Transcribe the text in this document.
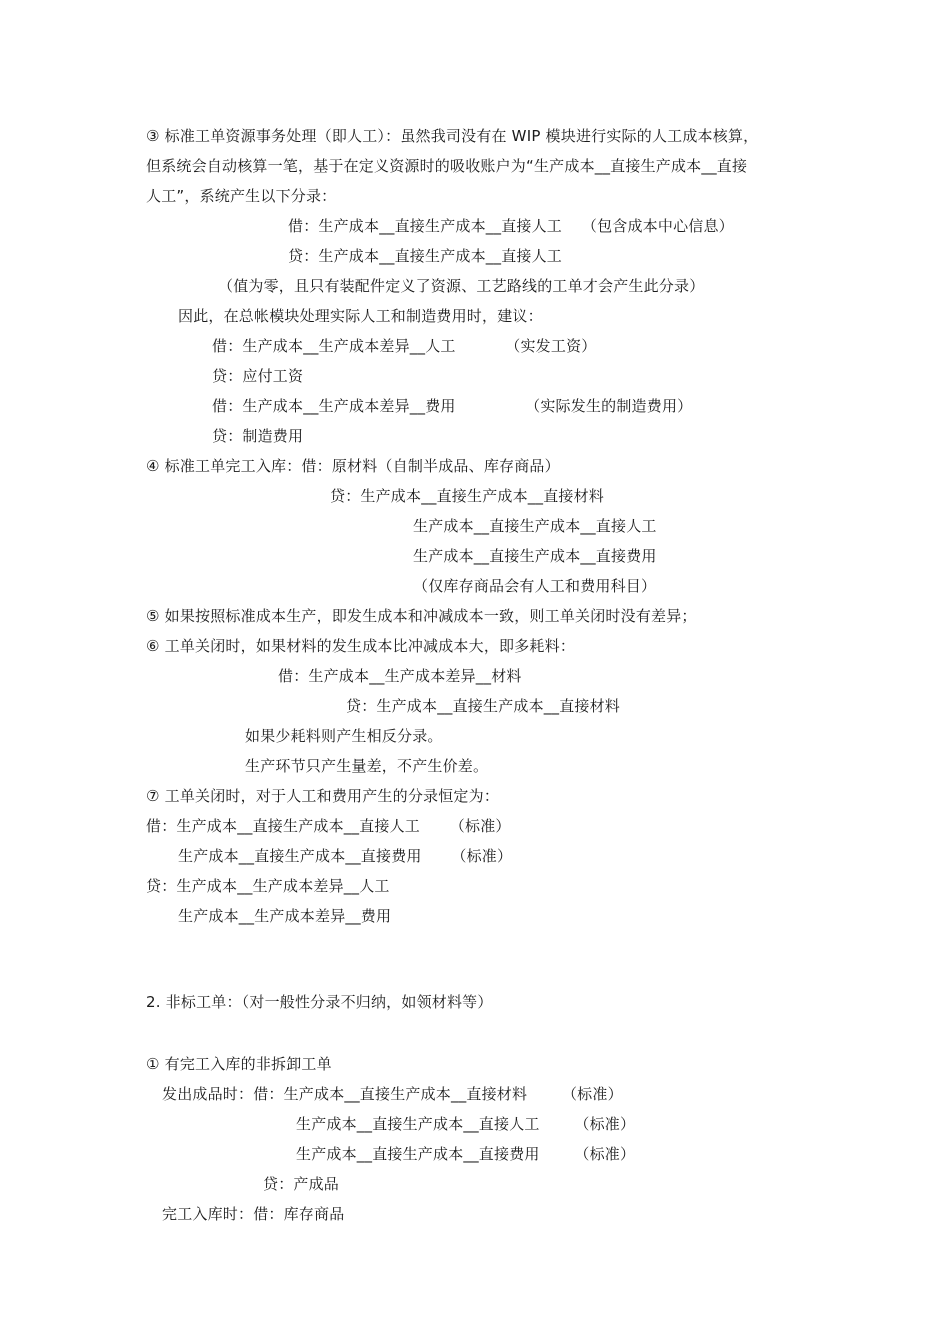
③ 标准工单资源事务处理（即人工）：虽然我司没有在 WIP 模块进行实际的人工成本核算，
但系统会自动核算一笔，基于在定义资源时的吸收账户为“生产成本__直接生产成本__直接
人工”，系统产生以下分录：
借：生产成本__直接生产成本__直接人工    （包含成本中心信息）
贷：生产成本__直接生产成本__直接人工
（值为零，且只有装配件定义了资源、工艺路线的工单才会产生此分录）
因此，在总帐模块处理实际人工和制造费用时，建议：
借：生产成本__生产成本差异__人工          （实发工资）
贷：应付工资
借：生产成本__生产成本差异__费用              （实际发生的制造费用）
贷：制造费用
④ 标准工单完工入库：借：原材料（自制半成品、库存商品）
贷：生产成本__直接生产成本__直接材料
生产成本__直接生产成本__直接人工
生产成本__直接生产成本__直接费用
（仅库存商品会有人工和费用科目）
⑤ 如果按照标准成本生产，即发生成本和冲减成本一致，则工单关闭时没有差异；
⑥ 工单关闭时，如果材料的发生成本比冲减成本大，即多耗料：
借：生产成本__生产成本差异__材料
贷：生产成本__直接生产成本__直接材料
如果少耗料则产生相反分录。
生产环节只产生量差，不产生价差。
⑦ 工单关闭时，对于人工和费用产生的分录恒定为：
借：生产成本__直接生产成本__直接人工      （标准）
生产成本__直接生产成本__直接费用      （标准）
贷：生产成本__生产成本差异__人工
生产成本__生产成本差异__费用
2. 非标工单：（对一般性分录不归纳，如领材料等）
① 有完工入库的非拆卸工单
发出成品时：借：生产成本__直接生产成本__直接材料       （标准）
生产成本__直接生产成本__直接人工       （标准）
生产成本__直接生产成本__直接费用       （标准）
贷：产成品
完工入库时：借：库存商品
